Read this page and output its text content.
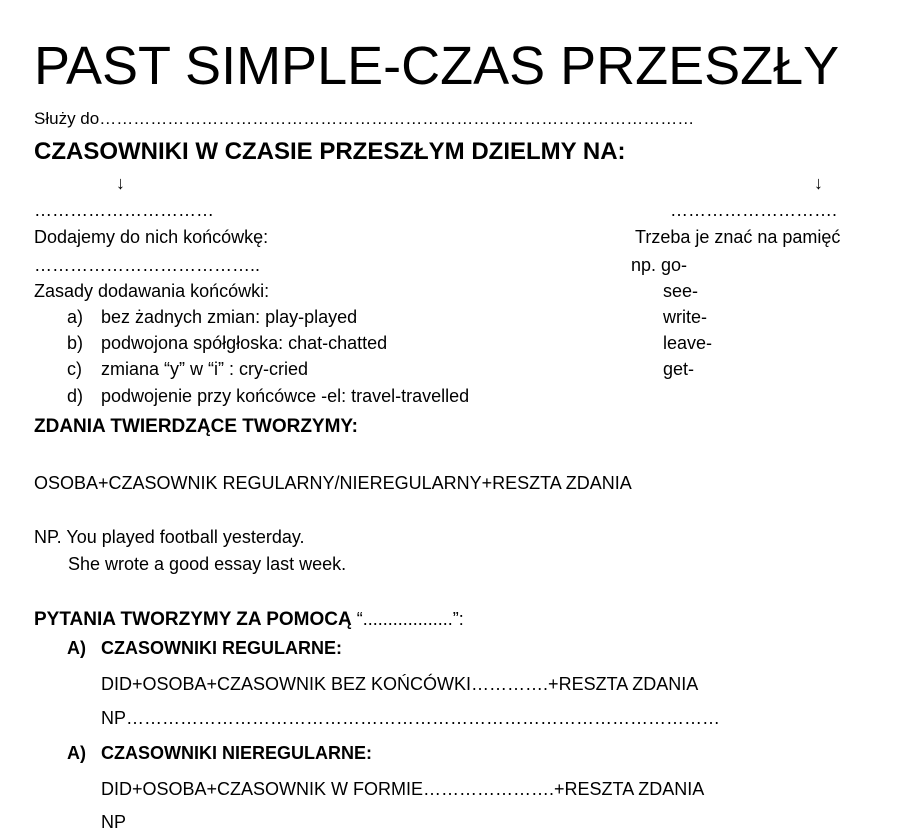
PAST SIMPLE-CZAS PRZESZŁY
Służy do……………………………………………………………………………………………
CZASOWNIKI W CZASIE PRZESZŁYM DZIELMY NA:
↓	↓
…………………………
Dodajemy do nich końcówkę:
………………………………..
Zasady dodawania końcówki:
a) bez żadnych zmian: play-played
b) podwojona spółgłoska: chat-chatted
c) zmiana “y” w “i” : cry-cried
d) podwojenie przy końcówce -el: travel-travelled
……………………….
Trzeba je znać na pamięć
np. go-
see-
write-
leave-
get-
ZDANIA TWIERDZĄCE TWORZYMY:
OSOBA+CZASOWNIK REGULARNY/NIEREGULARNY+RESZTA ZDANIA
NP. You played football yesterday.
She wrote a good essay last week.
PYTANIA TWORZYMY ZA POMOCĄ “..................”:
A) CZASOWNIKI REGULARNE:
DID+OSOBA+CZASOWNIK BEZ KOŃCÓWKI………….+RESZTA ZDANIA
NP………………………………………………………………………………………
A) CZASOWNIKI NIEREGULARNE:
DID+OSOBA+CZASOWNIK W FORMIE………………….+RESZTA ZDANIA
NP
